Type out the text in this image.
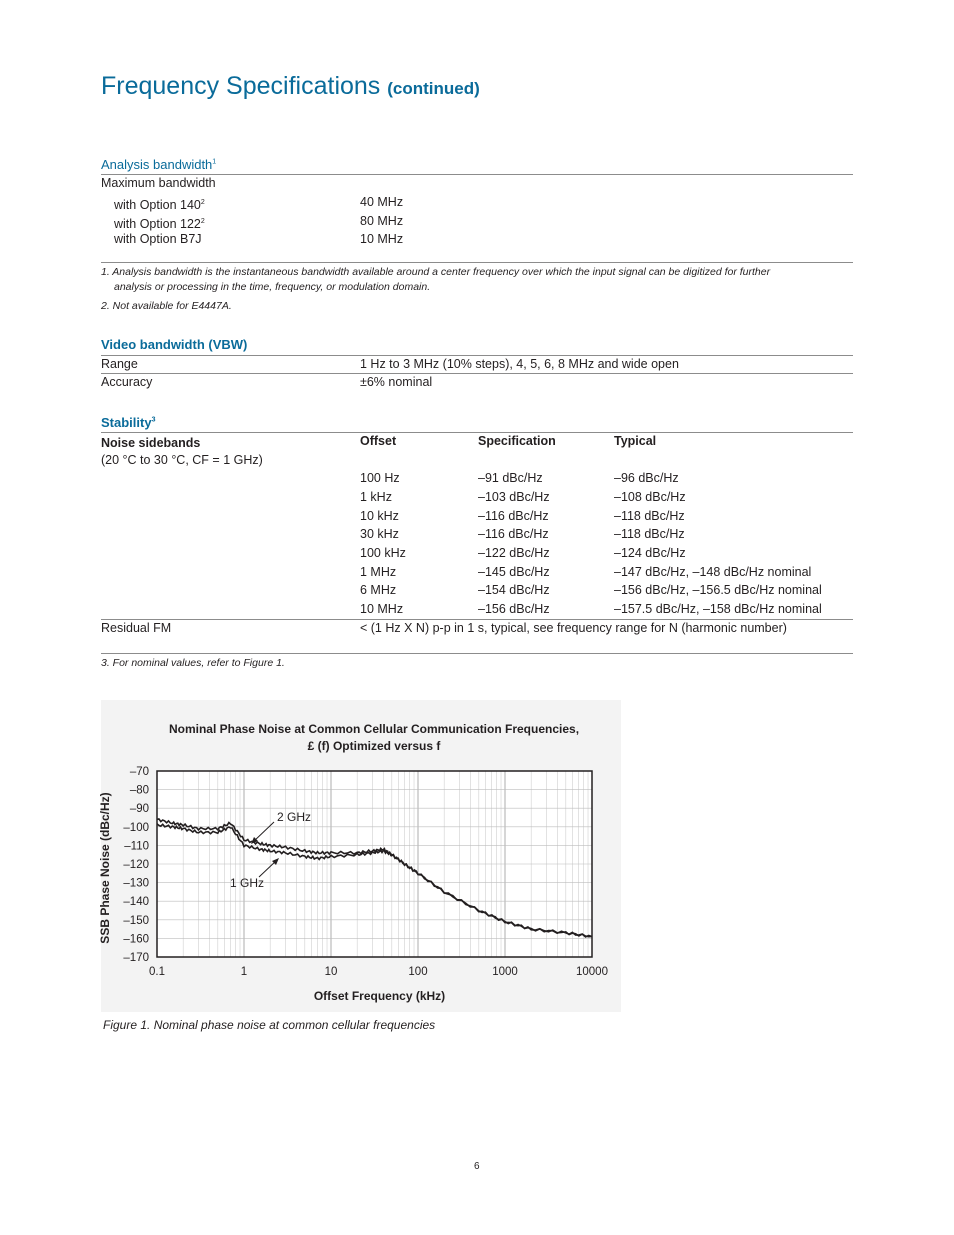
Frequency Specifications (continued)
Analysis bandwidth$^1$
Maximum bandwidth
with Option $140^2$	40 MHz
with Option $122^2$	80 MHz
with Option B7J	10 MHz
1. Analysis bandwidth is the instantaneous bandwidth available around a center frequency over which the input signal can be digitized for further
analysis or processing in the time, frequency, or modulation domain.
2. Not available for E4447A.
Video bandwidth (VBW)
Range	1 Hz to 3 MHz (10% steps), 4, 5, 6, 8 MHz and wide open
Accuracy	±6% nominal
Stability$^3$
Noise sidebands
(20 °C to 30 °C, CF = 1 GHz)
Offset	Specification	Typical
100 Hz	–91 dBc/Hz	–96 dBc/Hz
1 kHz	–103 dBc/Hz	–108 dBc/Hz
10 kHz	–116 dBc/Hz	–118 dBc/Hz
30 kHz	–116 dBc/Hz	–118 dBc/Hz
100 kHz	–122 dBc/Hz	–124 dBc/Hz
1 MHz	–145 dBc/Hz	–147 dBc/Hz, –148 dBc/Hz nominal
6 MHz	–154 dBc/Hz	–156 dBc/Hz, –156.5 dBc/Hz nominal
10 MHz	–156 dBc/Hz	–157.5 dBc/Hz, –158 dBc/Hz nominal
Residual FM	< (1 Hz X N) p-p in 1 s, typical, see frequency range for N (harmonic number)
3. For nominal values, refer to Figure 1.
Nominal Phase Noise at Common Cellular Communication Frequencies,
£ (f) Optimized versus f
–70
–80
–90
–100
–110
–120
–130
–140
–150
–160
–170
0.1	1	10	100	1000	10000
Offset Frequency (kHz)
SSB Phase Noise (dBc/Hz)	2 GHz
1 GHz
Figure 1. Nominal phase noise at common cellular frequencies
6
